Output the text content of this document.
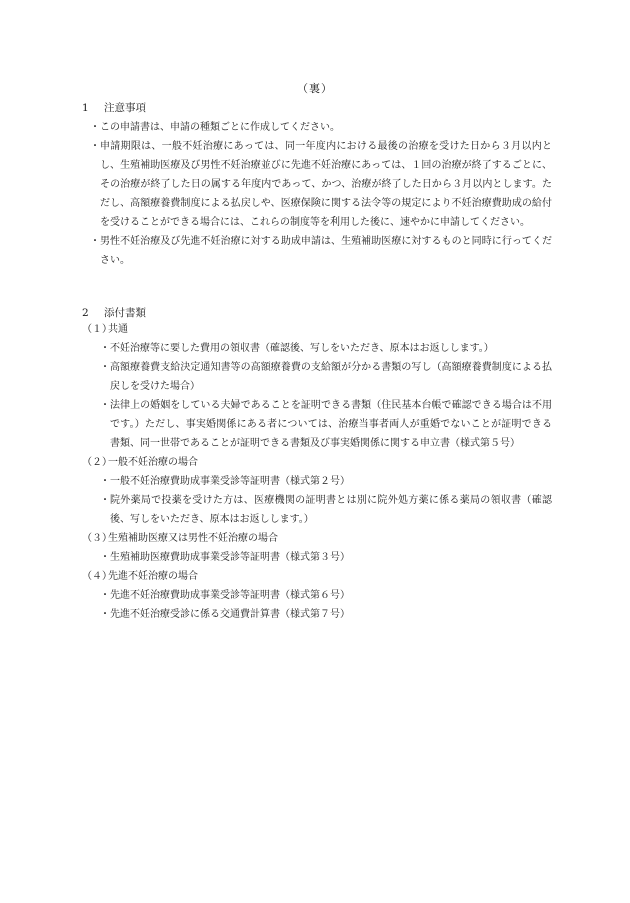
（裏）
1 注意事項
・ この申請書は、申請の種類ごとに作成してください。
・ 申請期限は、一般不妊治療にあっては、同一年度内における最後の治療を受けた日から３月以内とし、生殖補助医療及び男性不妊治療並びに先進不妊治療にあっては、１回の治療が終了するごとに、その治療が終了した日の属する年度内であって、かつ、治療が終了した日から３月以内とします。ただし、高額療養費制度による払戻しや、医療保険に関する法令等の規定により不妊治療費助成の給付を受けることができる場合には、これらの制度等を利用した後に、速やかに申請してください。
・ 男性不妊治療及び先進不妊治療に対する助成申請は、生殖補助医療に対するものと同時に行ってください。
2 添付書類
（１）共通
・ 不妊治療等に要した費用の領収書（確認後、写しをいただき、原本はお返しします。）
・ 高額療養費支給決定通知書等の高額療養費の支給額が分かる書類の写し（高額療養費制度による払戻しを受けた場合）
・ 法律上の婚姻をしている夫婦であることを証明できる書類（住民基本台帳で確認できる場合は不用です。）ただし、事実婚関係にある者については、治療当事者両人が重婚でないことが証明できる書類、同一世帯であることが証明できる書類及び事実婚関係に関する申立書（様式第５号）
（２）一般不妊治療の場合
・ 一般不妊治療費助成事業受診等証明書（様式第２号）
・ 院外薬局で投薬を受けた方は、医療機関の証明書とは別に院外処方薬に係る薬局の領収書（確認後、写しをいただき、原本はお返しします。）
（３）生殖補助医療又は男性不妊治療の場合
・ 生殖補助医療費助成事業受診等証明書（様式第３号）
（４）先進不妊治療の場合
・ 先進不妊治療費助成事業受診等証明書（様式第６号）
・ 先進不妊治療受診に係る交通費計算書（様式第７号）
